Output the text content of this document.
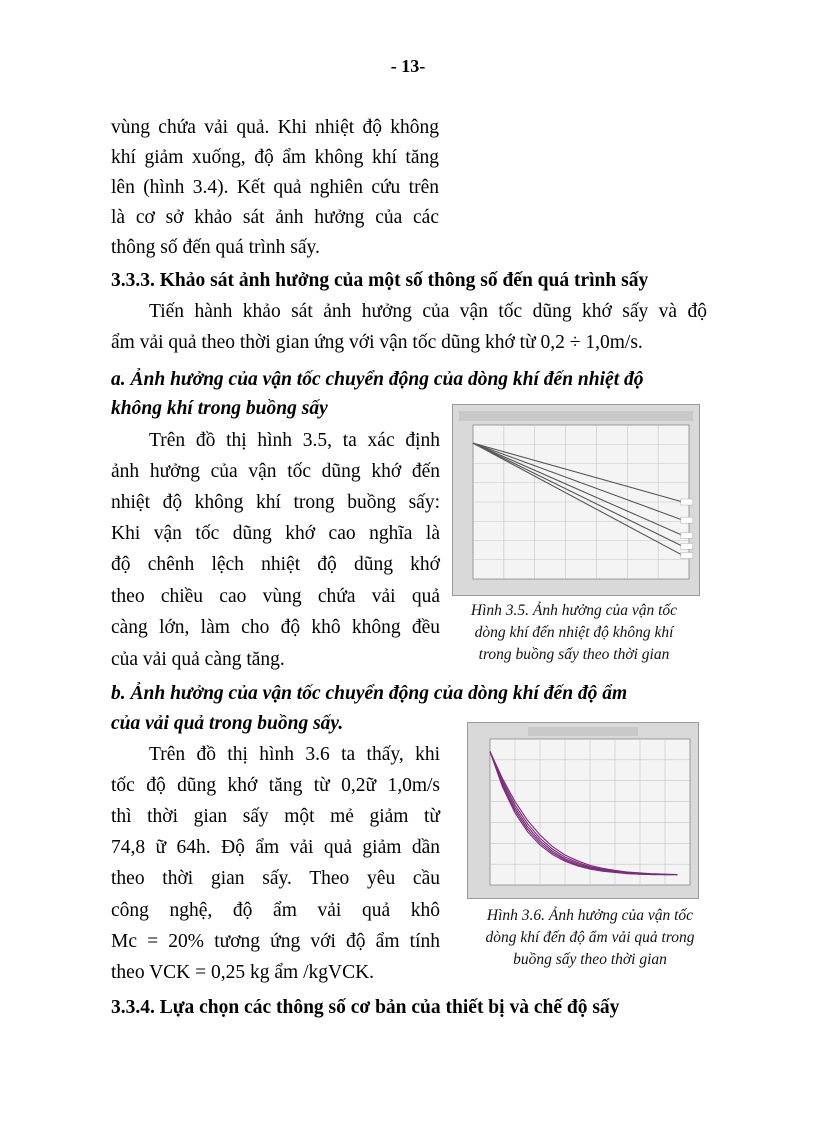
- 13-
vùng chứa vải quả. Khi nhiệt độ không
khí giảm xuống, độ ẩm không khí tăng
lên (hình 3.4). Kết quả nghiên cứu trên
là cơ sở khảo sát ảnh hưởng của các
thông số đến quá trình sấy.
3.3.3. Khảo sát ảnh hưởng của một số thông số đến quá trình sấy
Tiến hành khảo sát ảnh hưởng của vận tốc dũng khớ sấy và độ
ẩm vải quả theo thời gian ứng với vận tốc dũng khớ từ 0,2 ÷ 1,0m/s.
a. Ảnh hưởng của vận tốc chuyển động của dòng khí đến nhiệt độ
không khí trong buồng sấy
Trên đồ thị hình 3.5, ta xác định
ảnh hưởng của vận tốc dũng khớ đến
nhiệt độ không khí trong buồng sấy:
Khi vận tốc dũng khớ cao nghĩa là
độ chênh lệch nhiệt độ dũng khớ
theo chiều cao vùng chứa vải quả
càng lớn, làm cho độ khô không đều
của vải quả càng tăng.
Hình 3.5. Ảnh hưởng của vận tốc
dòng khí đến nhiệt độ không khí
trong buồng sấy theo thời gian
b. Ảnh hưởng của vận tốc chuyển động của dòng khí đến độ ẩm
của vải quả trong buồng sấy.
Trên đồ thị hình 3.6 ta thấy, khi
tốc độ dũng khớ tăng từ 0,2ữ 1,0m/s
thì thời gian sấy một mẻ giảm từ
74,8 ữ 64h. Độ ẩm vải quả giảm dần
theo thời gian sấy. Theo yêu cầu
công nghệ, độ ẩm vải quả khô
Mc = 20% tương ứng với độ ẩm tính
theo VCK = 0,25 kg ẩm /kgVCK.
Hình 3.6. Ảnh hưởng của vận tốc
dòng khí đến độ ẩm vải quả trong
buồng sấy theo thời gian
3.3.4. Lựa chọn các thông số cơ bản của thiết bị và chế độ sấy
